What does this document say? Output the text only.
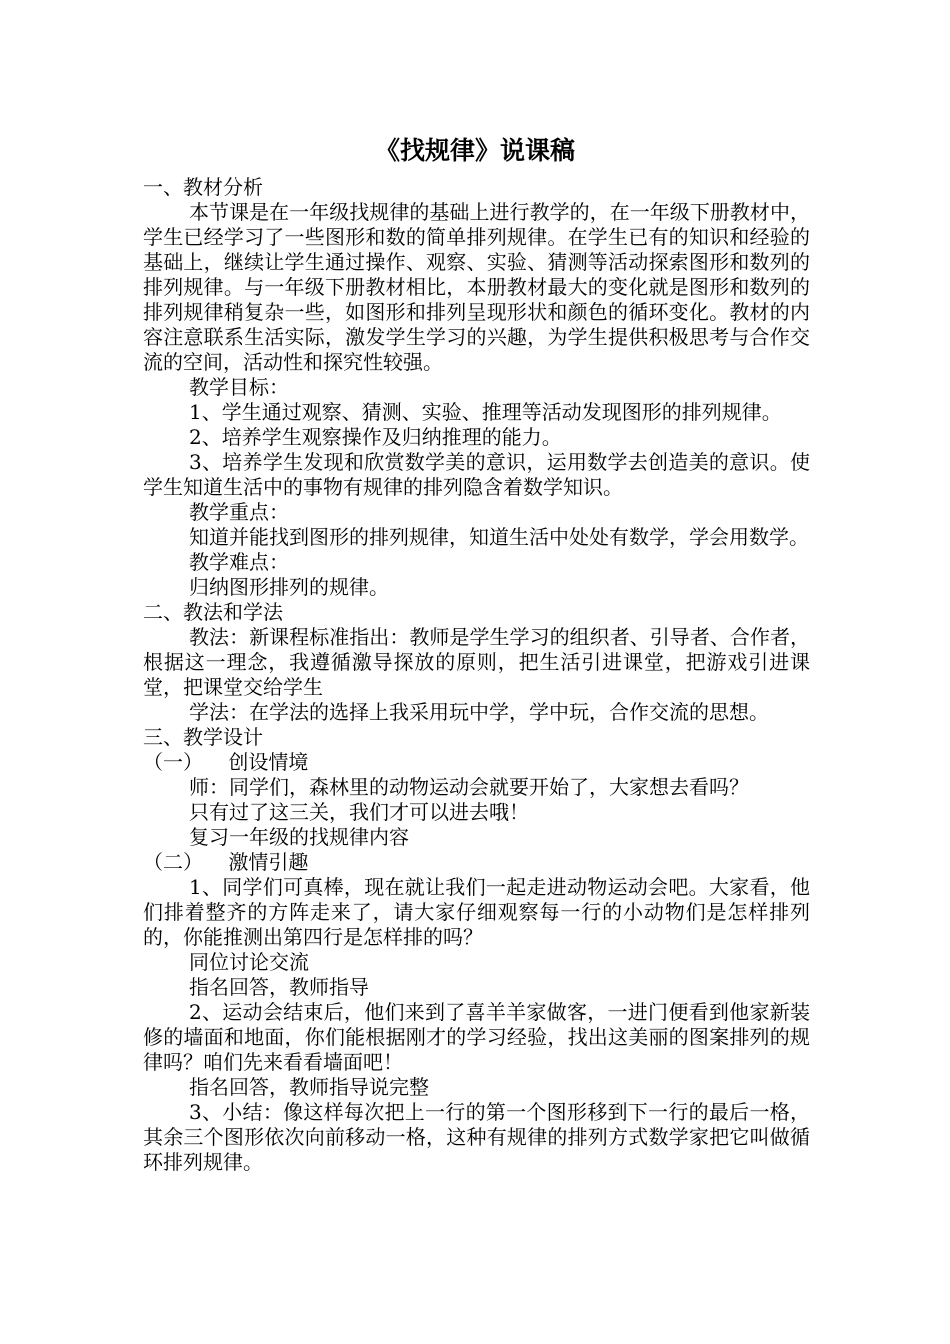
《找规律》说课稿

一、教材分析

本节课是在一年级找规律的基础上进行教学的，在一年级下册教材中，学生已经学习了一些图形和数的简单排列规律。在学生已有的知识和经验的基础上，继续让学生通过操作、观察、实验、猜测等活动探索图形和数列的排列规律。与一年级下册教材相比，本册教材最大的变化就是图形和数列的排列规律稍复杂一些，如图形和排列呈现形状和颜色的循环变化。教材的内容注意联系生活实际，激发学生学习的兴趣，为学生提供积极思考与合作交流的空间，活动性和探究性较强。

教学目标：

1、学生通过观察、猜测、实验、推理等活动发现图形的排列规律。

2、培养学生观察操作及归纳推理的能力。

3、培养学生发现和欣赏数学美的意识，运用数学去创造美的意识。使学生知道生活中的事物有规律的排列隐含着数学知识。

教学重点：

知道并能找到图形的排列规律，知道生活中处处有数学，学会用数学。

教学难点：

归纳图形排列的规律。

二、教法和学法

教法：新课程标准指出：教师是学生学习的组织者、引导者、合作者，根据这一理念，我遵循激导探放的原则，把生活引进课堂，把游戏引进课堂，把课堂交给学生

学法：在学法的选择上我采用玩中学，学中玩，合作交流的思想。

三、教学设计

（一）    创设情境

师：同学们，森林里的动物运动会就要开始了，大家想去看吗？

只有过了这三关，我们才可以进去哦！

复习一年级的找规律内容

（二）    激情引趣

1、同学们可真棒，现在就让我们一起走进动物运动会吧。大家看，他们排着整齐的方阵走来了，请大家仔细观察每一行的小动物们是怎样排列的，你能推测出第四行是怎样排的吗？

同位讨论交流

指名回答，教师指导

2、运动会结束后，他们来到了喜羊羊家做客，一进门便看到他家新装修的墙面和地面，你们能根据刚才的学习经验，找出这美丽的图案排列的规律吗？咱们先来看看墙面吧！

指名回答，教师指导说完整

3、小结：像这样每次把上一行的第一个图形移到下一行的最后一格，其余三个图形依次向前移动一格，这种有规律的排列方式数学家把它叫做循环排列规律。
